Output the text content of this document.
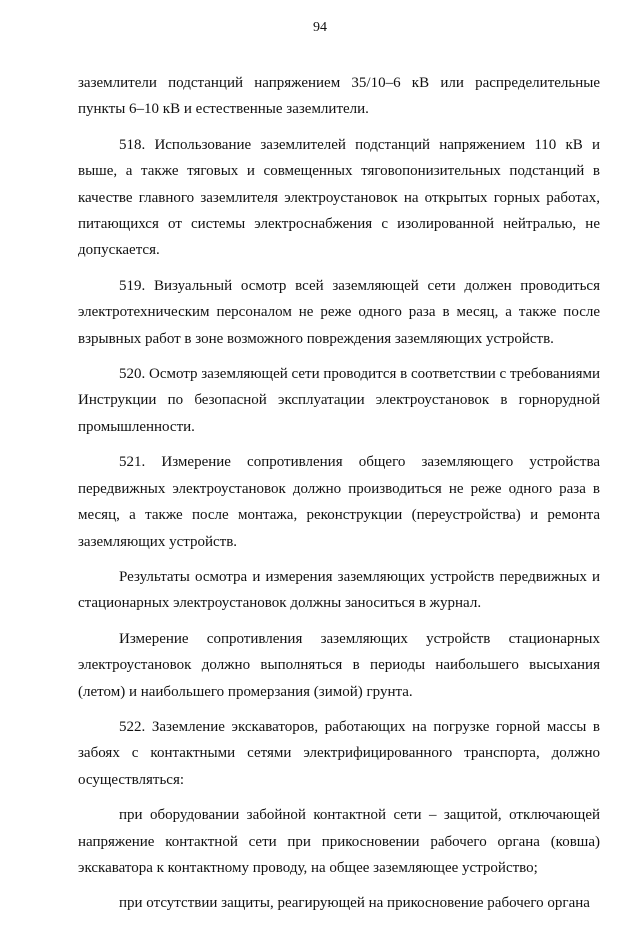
94

заземлители подстанций напряжением 35/10–6 кВ или распределительные пункты 6–10 кВ и естественные заземлители.

518. Использование заземлителей подстанций напряжением 110 кВ и выше, а также тяговых и совмещенных тяговопонизительных подстанций в качестве главного заземлителя электроустановок на открытых горных работах, питающихся от системы электроснабжения с изолированной нейтралью, не допускается.

519. Визуальный осмотр всей заземляющей сети должен проводиться электротехническим персоналом не реже одного раза в месяц, а также после взрывных работ в зоне возможного повреждения заземляющих устройств.

520. Осмотр заземляющей сети проводится в соответствии с требованиями Инструкции по безопасной эксплуатации электроустановок в горнорудной промышленности.

521. Измерение сопротивления общего заземляющего устройства передвижных электроустановок должно производиться не реже одного раза в месяц, а также после монтажа, реконструкции (переустройства) и ремонта заземляющих устройств.

Результаты осмотра и измерения заземляющих устройств передвижных и стационарных электроустановок должны заноситься в журнал.

Измерение сопротивления заземляющих устройств стационарных электроустановок должно выполняться в периоды наибольшего высыхания (летом) и наибольшего промерзания (зимой) грунта.

522. Заземление экскаваторов, работающих на погрузке горной массы в забоях с контактными сетями электрифицированного транспорта, должно осуществляться:

при оборудовании забойной контактной сети – защитой, отключающей напряжение контактной сети при прикосновении рабочего органа (ковша) экскаватора к контактному проводу, на общее заземляющее устройство;

при отсутствии защиты, реагирующей на прикосновение рабочего органа
